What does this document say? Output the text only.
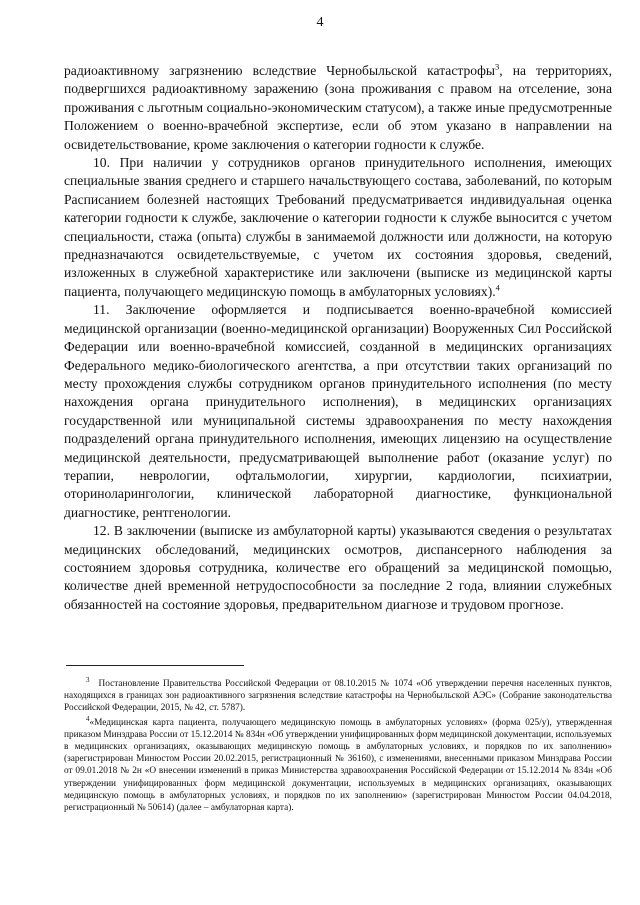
4

радиоактивному загрязнению вследствие Чернобыльской катастрофы$^3$, на территориях, подвергшихся радиоактивному заражению (зона проживания с правом на отселение, зона проживания с льготным социально-экономическим статусом), а также иные предусмотренные Положением о военно-врачебной экспертизе, если об этом указано в направлении на освидетельствование, кроме заключения о категории годности к службе.

10. При наличии у сотрудников органов принудительного исполнения, имеющих специальные звания среднего и старшего начальствующего состава, заболеваний, по которым Расписанием болезней настоящих Требований предусматривается индивидуальная оценка категории годности к службе, заключение о категории годности к службе выносится с учетом специальности, стажа (опыта) службы в занимаемой должности или должности, на которую предназначаются освидетельствуемые, с учетом их состояния здоровья, сведений, изложенных в служебной характеристике или заключени (выписке из медицинской карты пациента, получающего медицинскую помощь в амбулаторных условиях).$^4$

11. Заключение оформляется и подписывается военно-врачебной комиссией медицинской организации (военно-медицинской организации) Вооруженных Сил Российской Федерации или военно-врачебной комиссией, созданной в медицинских организациях Федерального медико-биологического агентства, а при отсутствии таких организаций по месту прохождения службы сотрудником органов принудительного исполнения (по месту нахождения органа принудительного исполнения), в медицинских организациях государственной или муниципальной системы здравоохранения по месту нахождения подразделений органа принудительного исполнения, имеющих лицензию на осуществление медицинской деятельности, предусматривающей выполнение работ (оказание услуг) по терапии, неврологии, офтальмологии, хирургии, кардиологии, психиатрии, оториноларингологии, клинической лабораторной диагностике, функциональной диагностике, рентгенологии.

12. В заключении (выписке из амбулаторной карты) указываются сведения о результатах медицинских обследований, медицинских осмотров, диспансерного наблюдения за состоянием здоровья сотрудника, количестве его обращений за медицинской помощью, количестве дней временной нетрудоспособности за последние 2 года, влиянии служебных обязанностей на состояние здоровья, предварительном диагнозе и трудовом прогнозе.

$^3$ Постановление Правительства Российской Федерации от 08.10.2015 № 1074 «Об утверждении перечня населенных пунктов, находящихся в границах зон радиоактивного загрязнения вследствие катастрофы на Чернобыльской АЭС» (Собрание законодательства Российской Федерации, 2015, № 42, ст. 5787).

$^4$«Медицинская карта пациента, получающего медицинскую помощь в амбулаторных условиях» (форма 025/у), утвержденная приказом Минздрава России от 15.12.2014 № 834н «Об утверждении унифицированных форм медицинской документации, используемых в медицинских организациях, оказывающих медицинскую помощь в амбулаторных условиях, и порядков по их заполнению» (зарегистрирован Минюстом России 20.02.2015, регистрационный № 36160), с изменениями, внесенными приказом Минздрава России от 09.01.2018 № 2н «О внесении изменений в приказ Министерства здравоохранения Российской Федерации от 15.12.2014 № 834н «Об утверждении унифицированных форм медицинской документации, используемых в медицинских организациях, оказывающих медицинскую помощь в амбулаторных условиях, и порядков по их заполнению» (зарегистрирован Минюстом России 04.04.2018, регистрационный № 50614) (далее – амбулаторная карта).
